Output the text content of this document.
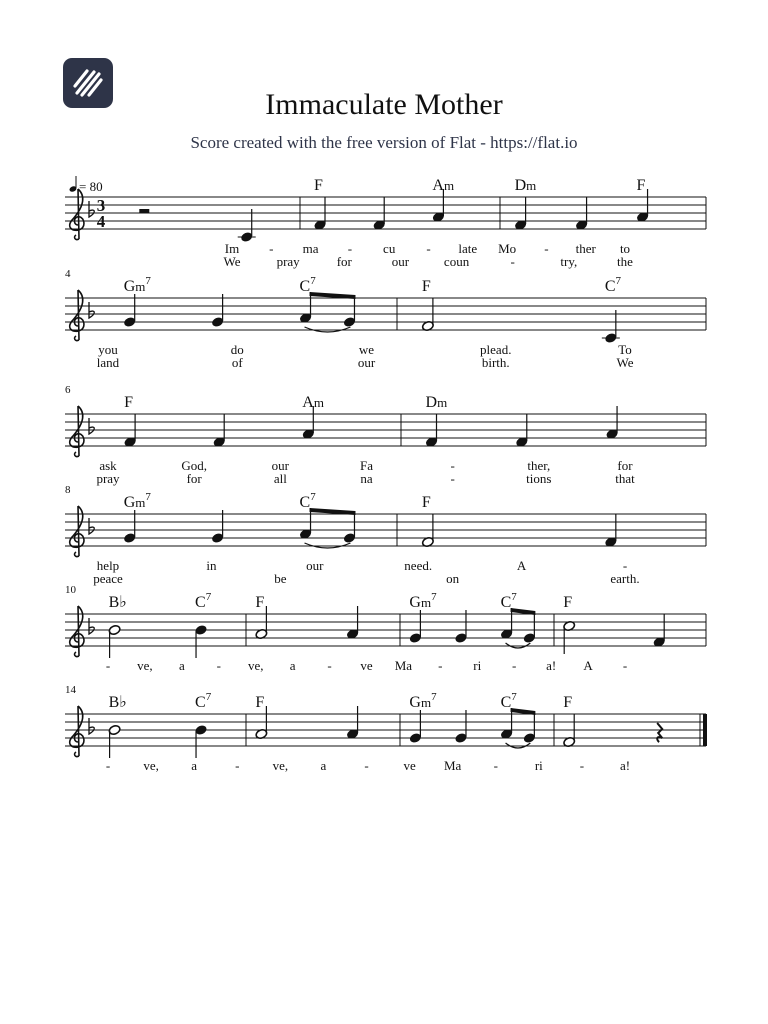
Immaculate Mother
Score created with the free version of Flat - https://flat.io
3
4
= 80	F	Am	Dm	F
Im - ma - cu - late Mo - ther to
We	pray	for	our	coun	-	try,	the
4
Gm$^7$	$C^7$	F	$C^7$
you	do	we	plead.	To
land	of	our	birth.	We
6
F	Am	Dm
ask	God,	our	Fa	-	ther,	for
pray	for	all	na	-	tions	that
8
Gm$^7$	$C^7$	F
help	in	our	need.	A	-
peace	be	on	earth.
10
B♭	$C^7$	F	Gm$^7$	$C^7$	F
- ve, a - ve, a - ve Ma - ri - a! A -
14
B♭	$C^7$	F	Gm$^7$	$C^7$	F
-	ve, a	-	ve, a	-	ve Ma -	ri	-	a!
